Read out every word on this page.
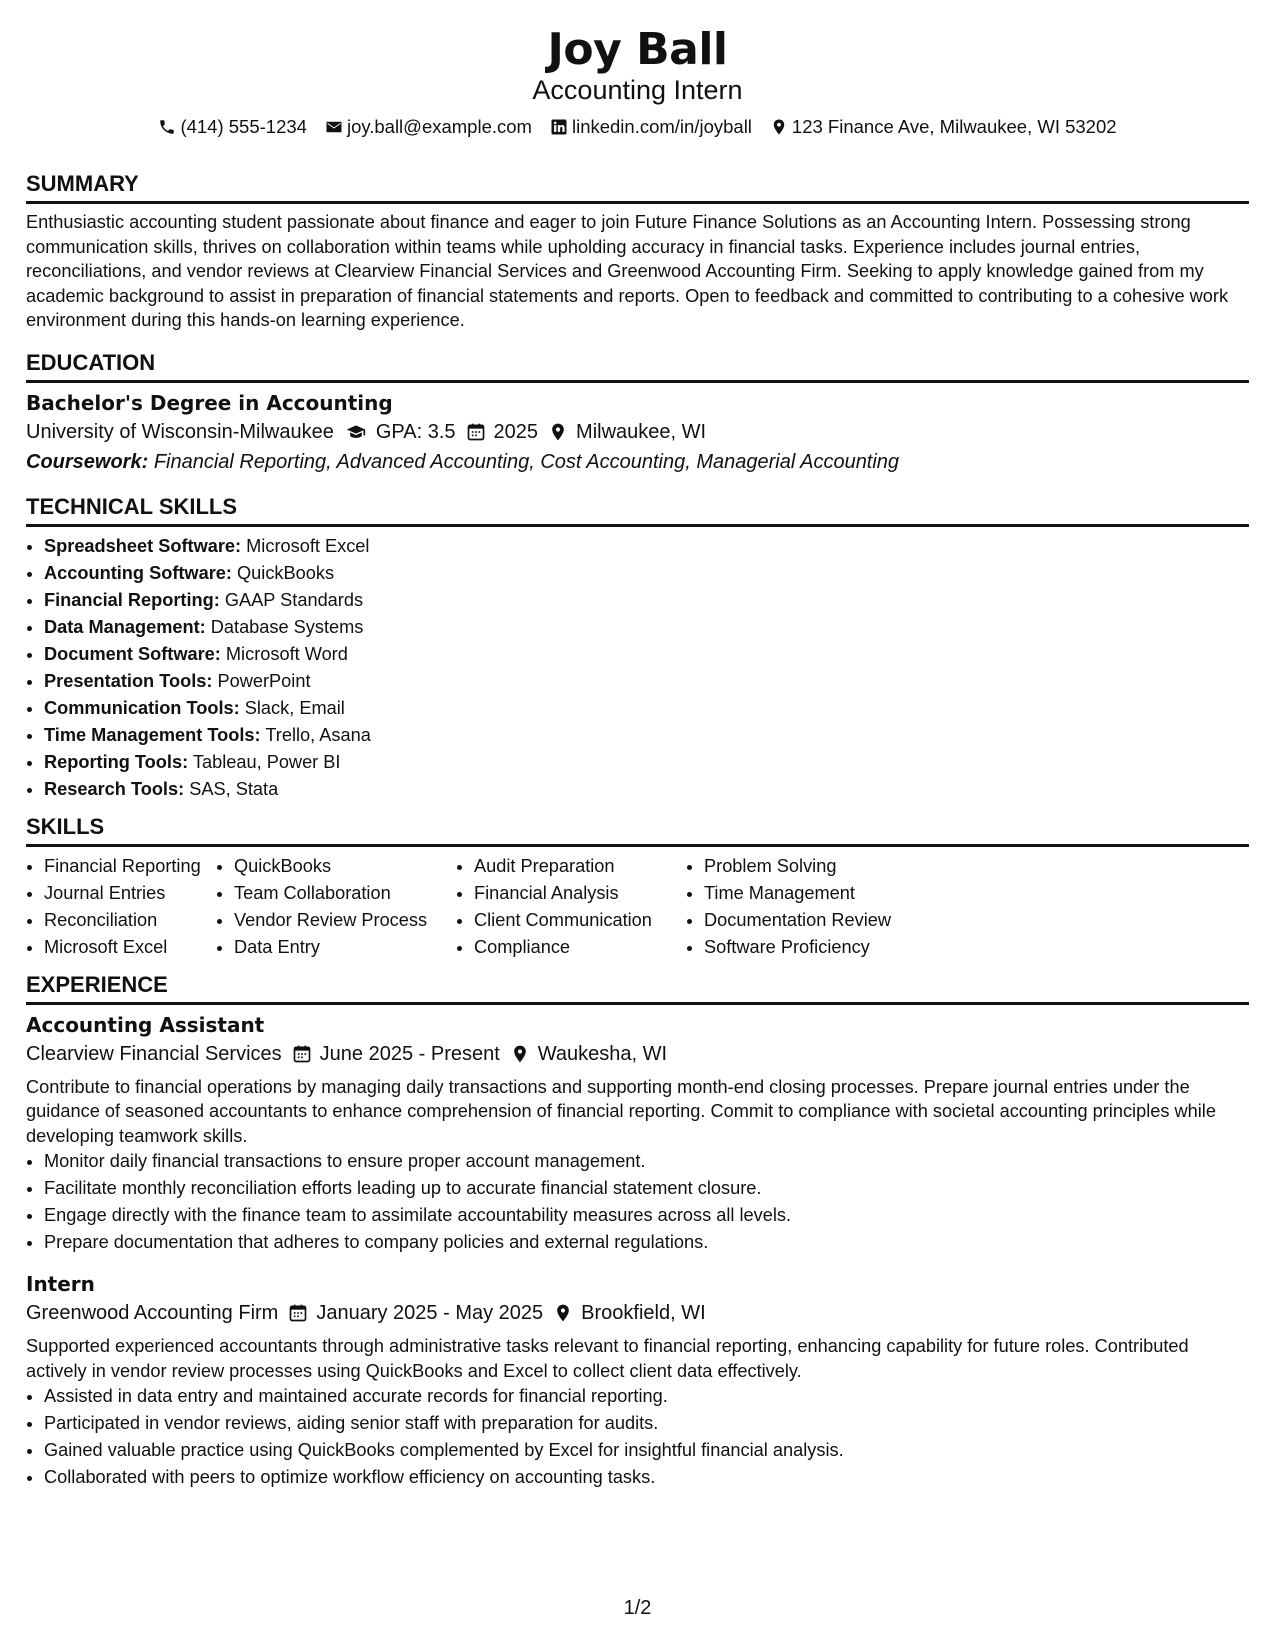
Joy Ball
Accounting Intern
(414) 555-1234 joy.ball@example.com linkedin.com/in/joyball 123 Finance Ave, Milwaukee, WI 53202
SUMMARY

Enthusiastic accounting student passionate about finance and eager to join Future Finance Solutions as an Accounting Intern. Possessing strong communication skills, thrives on collaboration within teams while upholding accuracy in financial tasks. Experience includes journal entries, reconciliations, and vendor reviews at Clearview Financial Services and Greenwood Accounting Firm. Seeking to apply knowledge gained from my academic background to assist in preparation of financial statements and reports. Open to feedback and committed to contributing to a cohesive work environment during this hands-on learning experience.

EDUCATION
Bachelor's Degree in Accounting
University of Wisconsin-Milwaukee GPA: 3.5 2025 Milwaukee, WI
Coursework: Financial Reporting, Advanced Accounting, Cost Accounting, Managerial Accounting
TECHNICAL SKILLS
• Spreadsheet Software: Microsoft Excel
• Accounting Software: QuickBooks
• Financial Reporting: GAAP Standards
• Data Management: Database Systems
• Document Software: Microsoft Word
• Presentation Tools: PowerPoint
• Communication Tools: Slack, Email
• Time Management Tools: Trello, Asana
• Reporting Tools: Tableau, Power BI
• Research Tools: SAS, Stata
SKILLS
• Financial Reporting
• Journal Entries
• Reconciliation
• Microsoft Excel
• QuickBooks
• Team Collaboration
• Vendor Review Process
• Data Entry
• Audit Preparation
• Financial Analysis
• Client Communication
• Compliance
• Problem Solving
• Time Management
• Documentation Review
• Software Proficiency
EXPERIENCE
Accounting Assistant
Clearview Financial Services June 2025 - Present Waukesha, WI

Contribute to financial operations by managing daily transactions and supporting month-end closing processes. Prepare journal entries under the guidance of seasoned accountants to enhance comprehension of financial reporting. Commit to compliance with societal accounting principles while developing teamwork skills.

• Monitor daily financial transactions to ensure proper account management.
• Facilitate monthly reconciliation efforts leading up to accurate financial statement closure.
• Engage directly with the finance team to assimilate accountability measures across all levels.
• Prepare documentation that adheres to company policies and external regulations.
Intern
Greenwood Accounting Firm January 2025 - May 2025 Brookfield, WI

Supported experienced accountants through administrative tasks relevant to financial reporting, enhancing capability for future roles. Contributed actively in vendor review processes using QuickBooks and Excel to collect client data effectively.

• Assisted in data entry and maintained accurate records for financial reporting.
• Participated in vendor reviews, aiding senior staff with preparation for audits.
• Gained valuable practice using QuickBooks complemented by Excel for insightful financial analysis.
• Collaborated with peers to optimize workflow efficiency on accounting tasks.
1/2
